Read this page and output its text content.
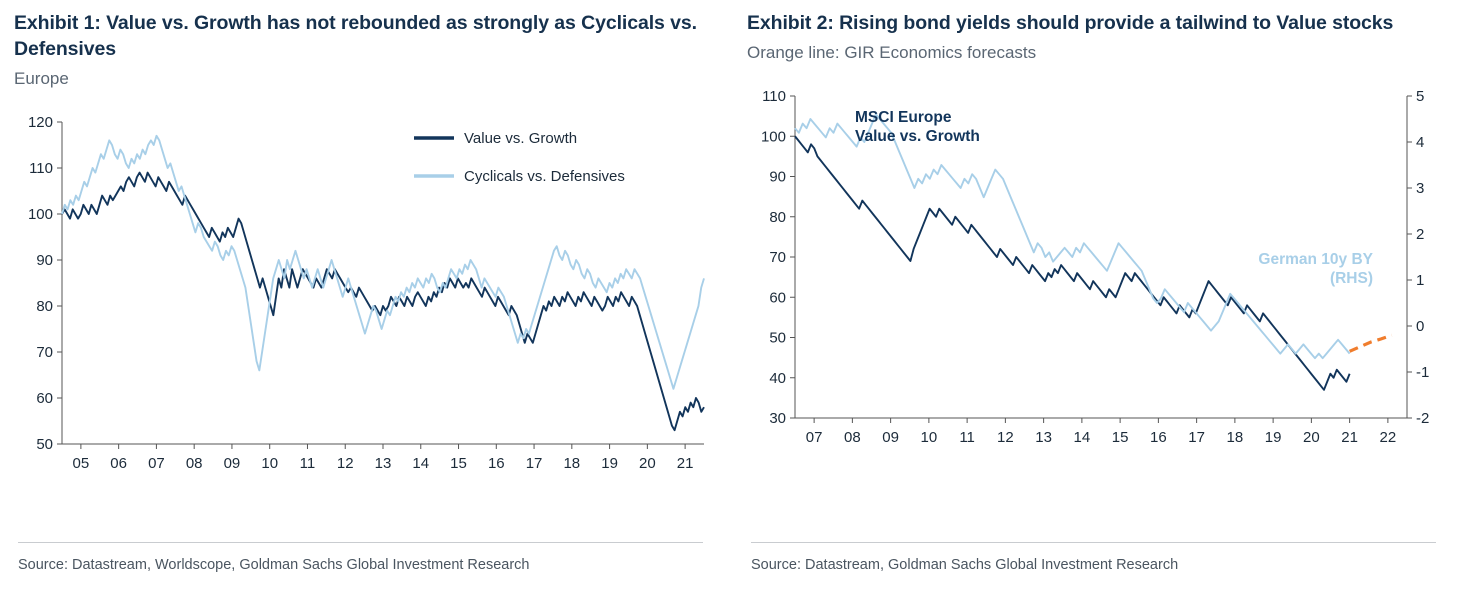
Exhibit 1: Value vs. Growth has not rebounded as strongly as Cyclicals vs. Defensives
Europe
50
60
70
80
90
100
110
120
05 06 07 08 09 10 11 12 13 14 15 16 17 18 19 20 21
Value vs. Growth
Cyclicals vs. Defensives
Source: Datastream, Worldscope, Goldman Sachs Global Investment Research
Exhibit 2: Rising bond yields should provide a tailwind to Value stocks
Orange line: GIR Economics forecasts
30
40
50
60
70
80
90
100
110
-2
-1
0
1
2
3
4
5
07 08 09 10 11 12 13 14 15 16 17 18 19 20 21 22
MSCI Europe
Value vs. Growth
German 10y BY
(RHS)
Source: Datastream, Goldman Sachs Global Investment Research
